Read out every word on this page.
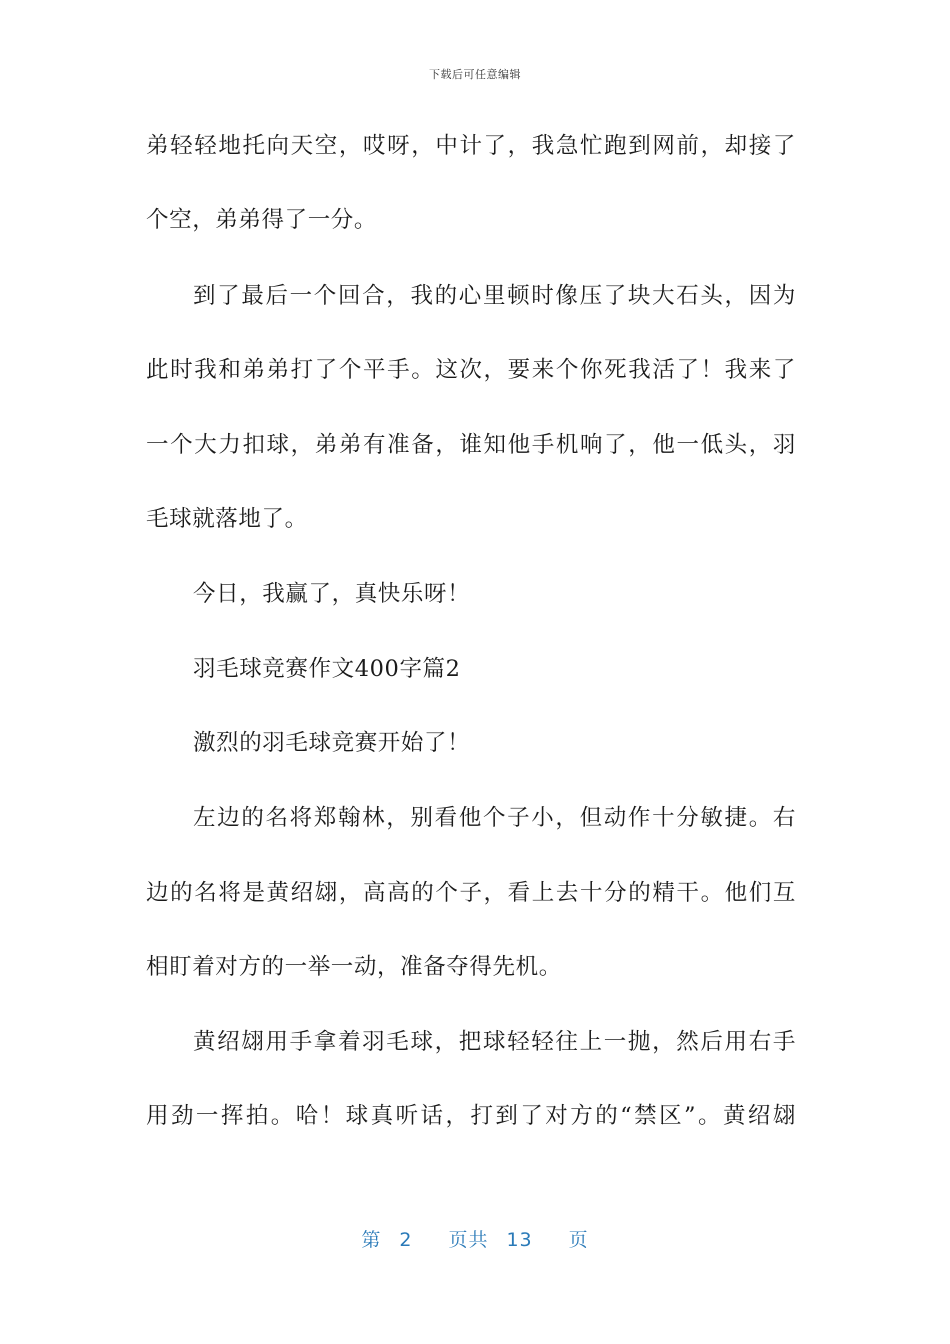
下载后可任意编辑
弟轻轻地托向天空，哎呀，中计了，我急忙跑到网前，却接了
个空，弟弟得了一分。
到了最后一个回合，我的心里顿时像压了块大石头，因为
此时我和弟弟打了个平手。这次，要来个你死我活了！我来了
一个大力扣球，弟弟有准备，谁知他手机响了，他一低头，羽
毛球就落地了。
今日，我赢了，真快乐呀！
羽毛球竞赛作文400字篇2
激烈的羽毛球竞赛开始了！
左边的名将郑翰林，别看他个子小，但动作十分敏捷。右
边的名将是黄绍翃，高高的个子，看上去十分的精干。他们互
相盯着对方的一举一动，准备夺得先机。
黄绍翃用手拿着羽毛球，把球轻轻往上一抛，然后用右手
用劲一挥拍。哈！球真听话，打到了对方的“禁区”。黄绍翃
第 2 页共 13 页
